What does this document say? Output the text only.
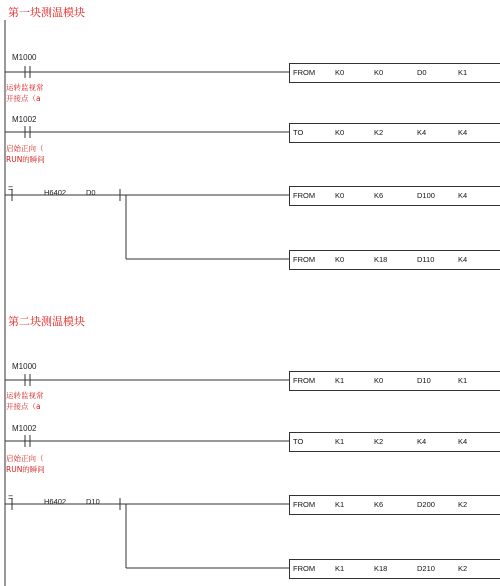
第一块测温模块
M1000
运转监视常
开接点（a
FROM	K0	K0	D0	K1
M1002
启始正向（
RUN的瞬间
TO	K0	K2	K4	K4
H6402	D0
=
FROM	K0	K6	D100	K4
FROM	K0	K18	D110	K4
第二块测温模块
M1000
运转监视常
开接点（a
FROM	K1	K0	D10	K1
M1002
启始正向（
RUN的瞬间
TO	K1	K2	K4	K4
H6402	D10
=
FROM	K1	K6	D200	K2
FROM	K1	K18	D210	K2
